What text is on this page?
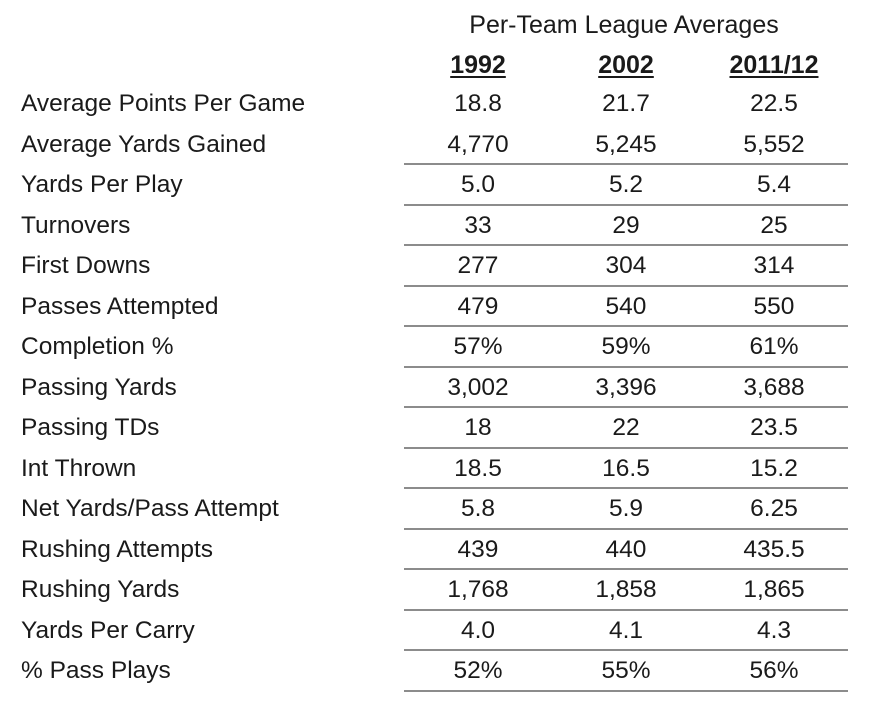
Per-Team League Averages
1992	2002	2011/12
Average Points Per Game	18.8	21.7	22.5
Average Yards Gained	4,770	5,245	5,552
Yards Per Play	5.0	5.2	5.4
Turnovers	33	29	25
First Downs	277	304	314
Passes Attempted	479	540	550
Completion %	57%	59%	61%
Passing Yards	3,002	3,396	3,688
Passing TDs	18	22	23.5
Int Thrown	18.5	16.5	15.2
Net Yards/Pass Attempt	5.8	5.9	6.25
Rushing Attempts	439	440	435.5
Rushing Yards	1,768	1,858	1,865
Yards Per Carry	4.0	4.1	4.3
% Pass Plays	52%	55%	56%
